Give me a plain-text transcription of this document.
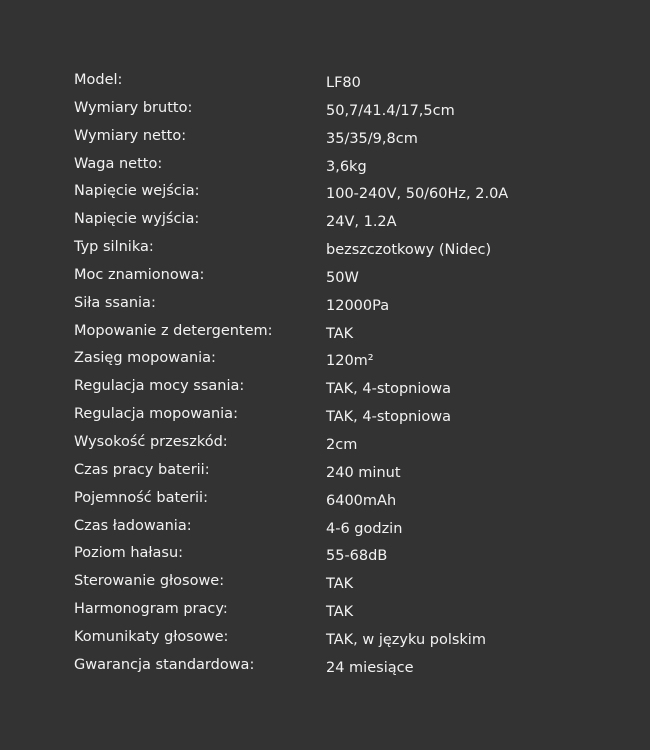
Model:	LF80
Wymiary brutto:	50,7/41.4/17,5cm
Wymiary netto:	35/35/9,8cm
Waga netto:	3,6kg
Napięcie wejścia:	100-240V, 50/60Hz, 2.0A
Napięcie wyjścia:	24V, 1.2A
Typ silnika:	bezszczotkowy (Nidec)
Moc znamionowa:	50W
Siła ssania:	12000Pa
Mopowanie z detergentem:	TAK
Zasięg mopowania:	120m²
Regulacja mocy ssania:	TAK, 4-stopniowa
Regulacja mopowania:	TAK, 4-stopniowa
Wysokość przeszkód:	2cm
Czas pracy baterii:	240 minut
Pojemność baterii:	6400mAh
Czas ładowania:	4-6 godzin
Poziom hałasu:	55-68dB
Sterowanie głosowe:	TAK
Harmonogram pracy:	TAK
Komunikaty głosowe:	TAK, w języku polskim
Gwarancja standardowa:	24 miesiące
